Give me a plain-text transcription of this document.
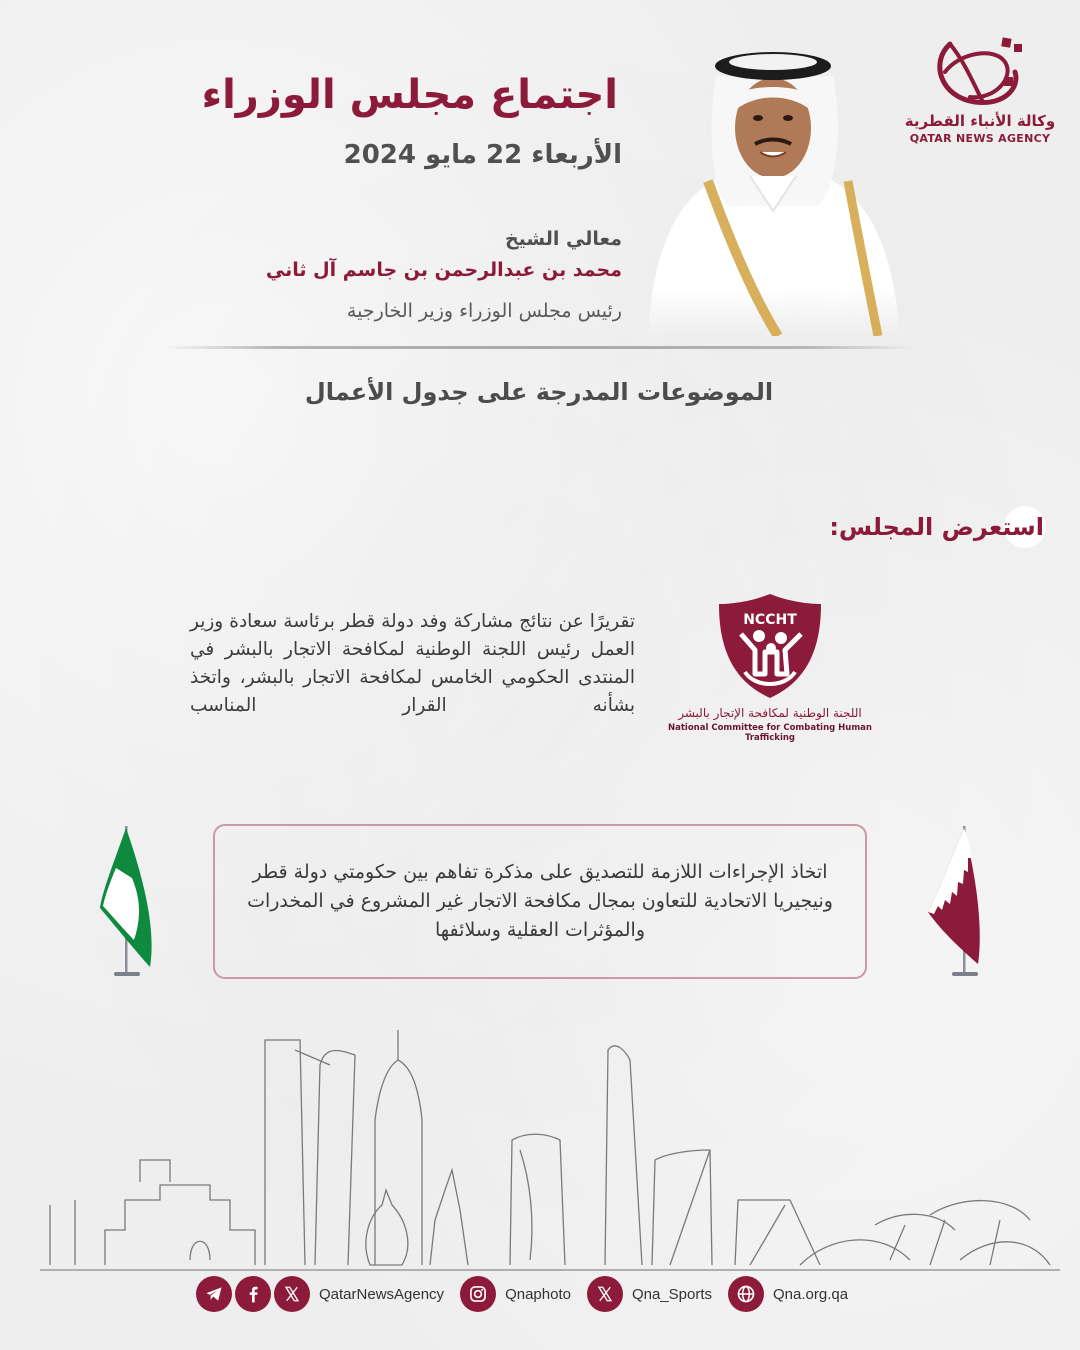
وكالة الأنباء القطرية
QATAR NEWS AGENCY
اجتماع مجلس الوزراء
الأربعاء 22 مايو 2024
معالي الشيخ
محمد بن عبدالرحمن بن جاسم آل ثاني
رئيس مجلس الوزراء وزير الخارجية
الموضوعات المدرجة على جدول الأعمال
استعرض المجلس:
تقريرًا عن نتائج مشاركة وفد دولة قطر برئاسة سعادة وزير العمل رئيس اللجنة الوطنية لمكافحة الاتجار بالبشر في المنتدى الحكومي الخامس لمكافحة الاتجار بالبشر، واتخذ بشأنه القرار المناسب
NCCHT
اللجنة الوطنية لمكافحة الإتجار بالبشر
National Committee for Combating Human Trafficking
اتخاذ الإجراءات اللازمة للتصديق على مذكرة تفاهم بين حكومتي دولة قطر ونيجيريا الاتحادية للتعاون بمجال مكافحة الاتجار غير المشروع في المخدرات والمؤثرات العقلية وسلائفها
QatarNewsAgency	Qnaphoto	Qna_Sports	Qna.org.qa
